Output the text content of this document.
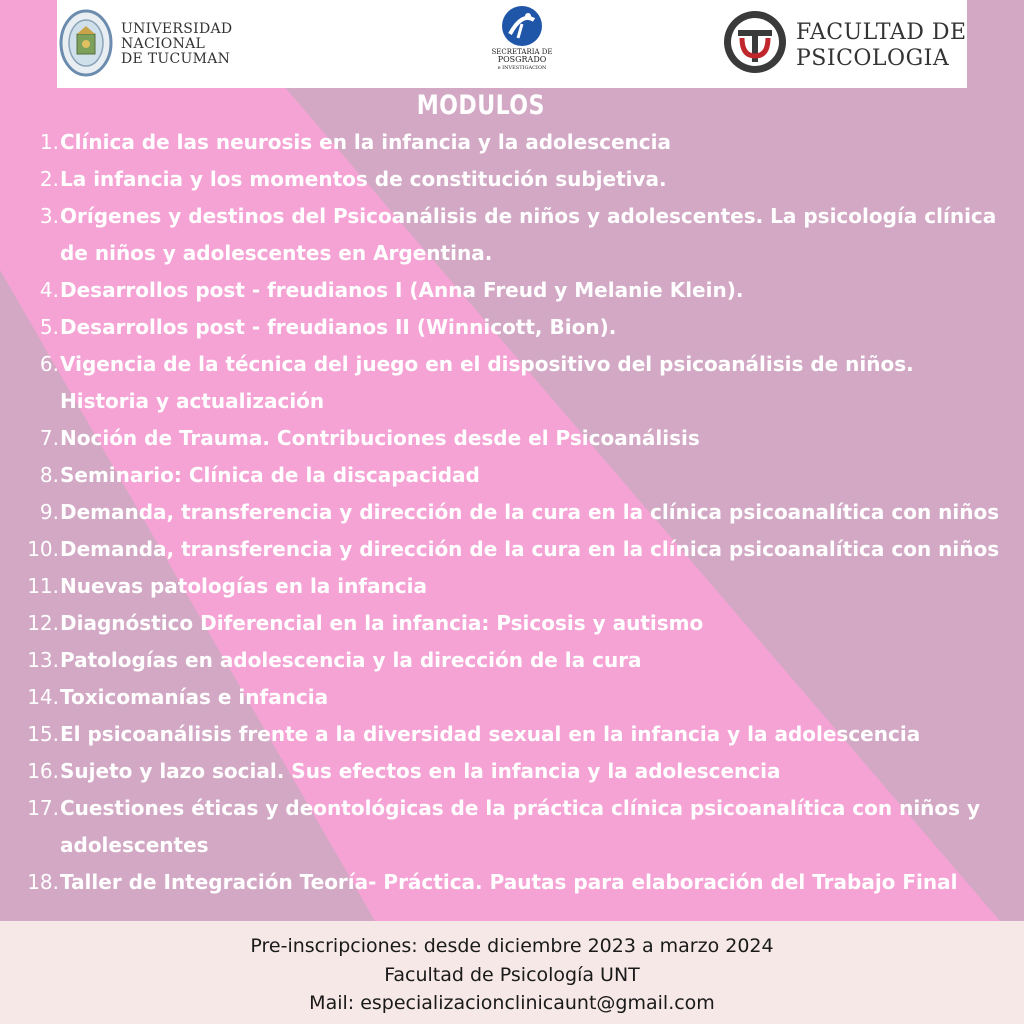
UNIVERSIDAD
NACIONAL
DE TUCUMAN	SECRETARIA DE
POSGRADO
e INVESTIGACION
FACULTAD DE
PSICOLOGIA
MODULOS
1. Clínica de las neurosis en la infancia y la adolescencia
2. La infancia y los momentos de constitución subjetiva.
3. Orígenes y destinos del Psicoanálisis de niños y adolescentes. La psicología clínica
de niños y adolescentes en Argentina.
4. Desarrollos post - freudianos I (Anna Freud y Melanie Klein).
5. Desarrollos post - freudianos II (Winnicott, Bion).
6. Vigencia de la técnica del juego en el dispositivo del psicoanálisis de niños.
Historia y actualización
7. Noción de Trauma. Contribuciones desde el Psicoanálisis
8. Seminario: Clínica de la discapacidad
9. Demanda, transferencia y dirección de la cura en la clínica psicoanalítica con niños
10. Demanda, transferencia y dirección de la cura en la clínica psicoanalítica con niños
11. Nuevas patologías en la infancia
12. Diagnóstico Diferencial en la infancia: Psicosis y autismo
13. Patologías en adolescencia y la dirección de la cura
14. Toxicomanías e infancia
15. El psicoanálisis frente a la diversidad sexual en la infancia y la adolescencia
16. Sujeto y lazo social. Sus efectos en la infancia y la adolescencia
17. Cuestiones éticas y deontológicas de la práctica clínica psicoanalítica con niños y
adolescentes
18. Taller de Integración Teoría- Práctica. Pautas para elaboración del Trabajo Final
Pre-inscripciones: desde diciembre 2023 a marzo 2024
Facultad de Psicología UNT
Mail: especializacionclinicaunt@gmail.com
